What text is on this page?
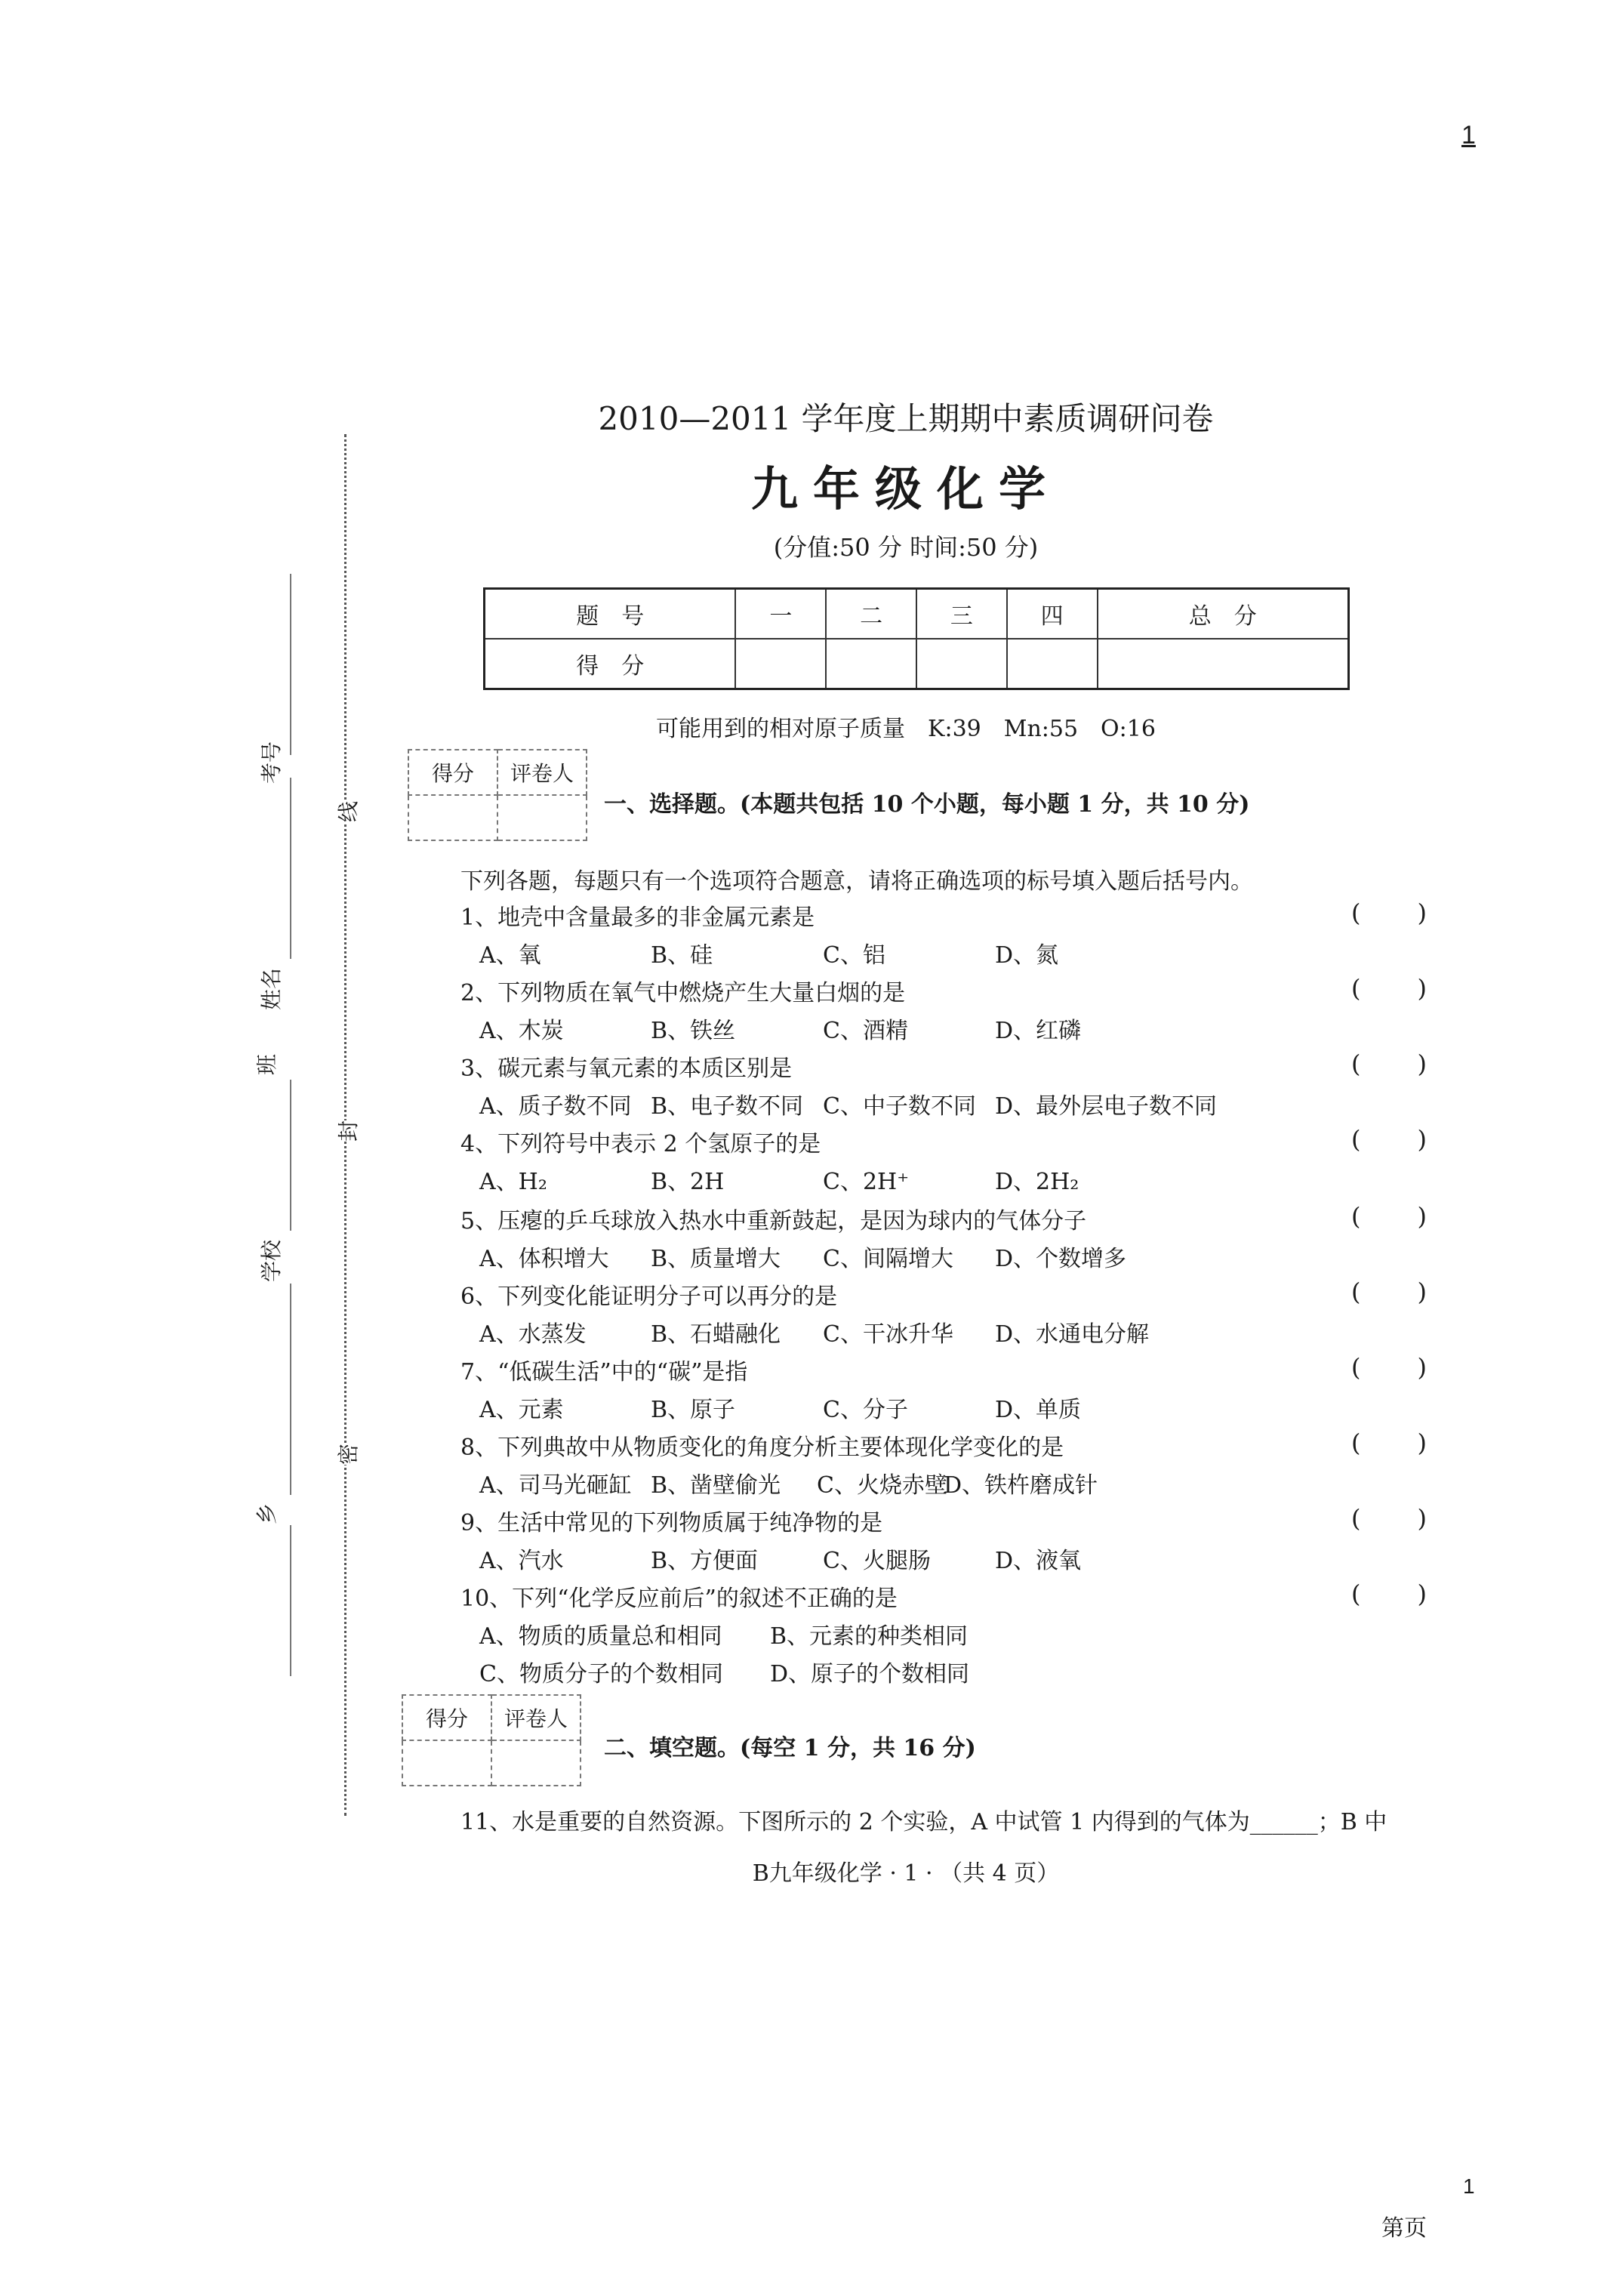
1
考号
姓名
班
学校
乡
线
封
密
2010—2011 学年度上期期中素质调研问卷
九年级化学
(分值:50 分 时间:50 分)
题　号	一	二	三	四	总　分
得　分					
可能用到的相对原子质量　K:39　Mn:55　O:16
得分	评卷人

一、选择题。(本题共包括 10 个小题，每小题 1 分，共 10 分)
下列各题，每题只有一个选项符合题意，请将正确选项的标号填入题后括号内。
1、地壳中含量最多的非金属元素是	( )
A、氧	B、硅	C、铝	D、氮
2、下列物质在氧气中燃烧产生大量白烟的是	( )
A、木炭	B、铁丝	C、酒精	D、红磷
3、碳元素与氧元素的本质区别是	( )
A、质子数不同 B、电子数不同 C、中子数不同 D、最外层电子数不同
4、下列符号中表示 2 个氢原子的是	( )
A、H₂	B、2H	C、2H⁺	D、2H₂
5、压瘪的乒乓球放入热水中重新鼓起，是因为球内的气体分子	( )
A、体积增大 B、质量增大 C、间隔增大 D、个数增多
6、下列变化能证明分子可以再分的是	( )
A、水蒸发	B、石蜡融化 C、干冰升华 D、水通电分解
7、“低碳生活”中的“碳”是指	( )
A、元素	B、原子	C、分子	D、单质
8、下列典故中从物质变化的角度分析主要体现化学变化的是	( )
A、司马光砸缸 B、凿壁偷光 C、火烧赤壁
D、铁杵磨成针
9、生活中常见的下列物质属于纯净物的是	( )
A、汽水	B、方便面	C、火腿肠	D、液氧
10、下列“化学反应前后”的叙述不正确的是	( )
A、物质的质量总和相同 B、元素的种类相同
C、物质分子的个数相同 D、原子的个数相同
得分	评卷人

二、填空题。(每空 1 分，共 16 分)
11、水是重要的自然资源。下图所示的 2 个实验，A 中试管 1 内得到的气体为______；B 中
B九年级化学 · 1 · （共 4 页）
1
第页
